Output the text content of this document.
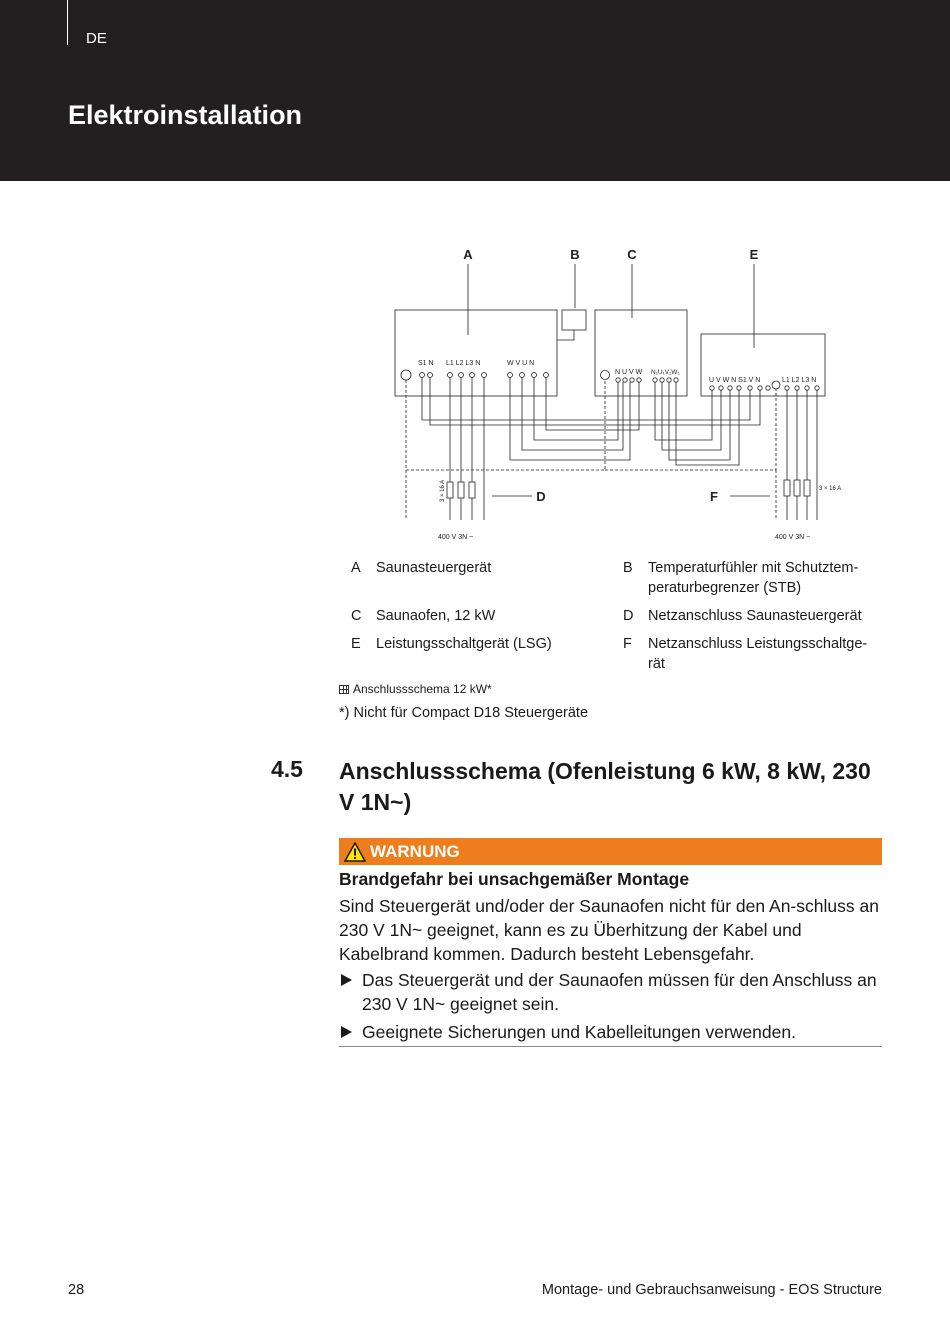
DE
Elektroinstallation
A	B	C	E
S1 N L1 L2 L3 N	W V U N
N U V W N₁U₁V₁W₁
U V W N S1 V N	L1 L2 L3 N
3 × 16 A	D
400 V 3N ~
3 × 16 A
F
400 V 3N ~
A	Saunasteuergerät	B	Temperaturfühler mit Schutztem-peraturbegrenzer (STB)
C	Saunaofen, 12 kW	D	Netzanschluss Saunasteuergerät
E	Leistungsschaltgerät (LSG)	F	Netzanschluss Leistungsschaltge-rät
Anschlussschema 12 kW*
*) Nicht für Compact D18 Steuergeräte
4.5 Anschlussschema (Ofenleistung 6 kW, 8 kW, 230 V 1N~)
WARNUNG
Brandgefahr bei unsachgemäßer Montage
Sind Steuergerät und/oder der Saunaofen nicht für den An-schluss an 230 V 1N~ geeignet, kann es zu Überhitzung der Kabel und Kabelbrand kommen. Dadurch besteht Lebensgefahr.
Das Steuergerät und der Saunaofen müssen für den Anschluss an 230 V 1N~ geeignet sein.
Geeignete Sicherungen und Kabelleitungen verwenden.
28	Montage- und Gebrauchsanweisung - EOS Structure
